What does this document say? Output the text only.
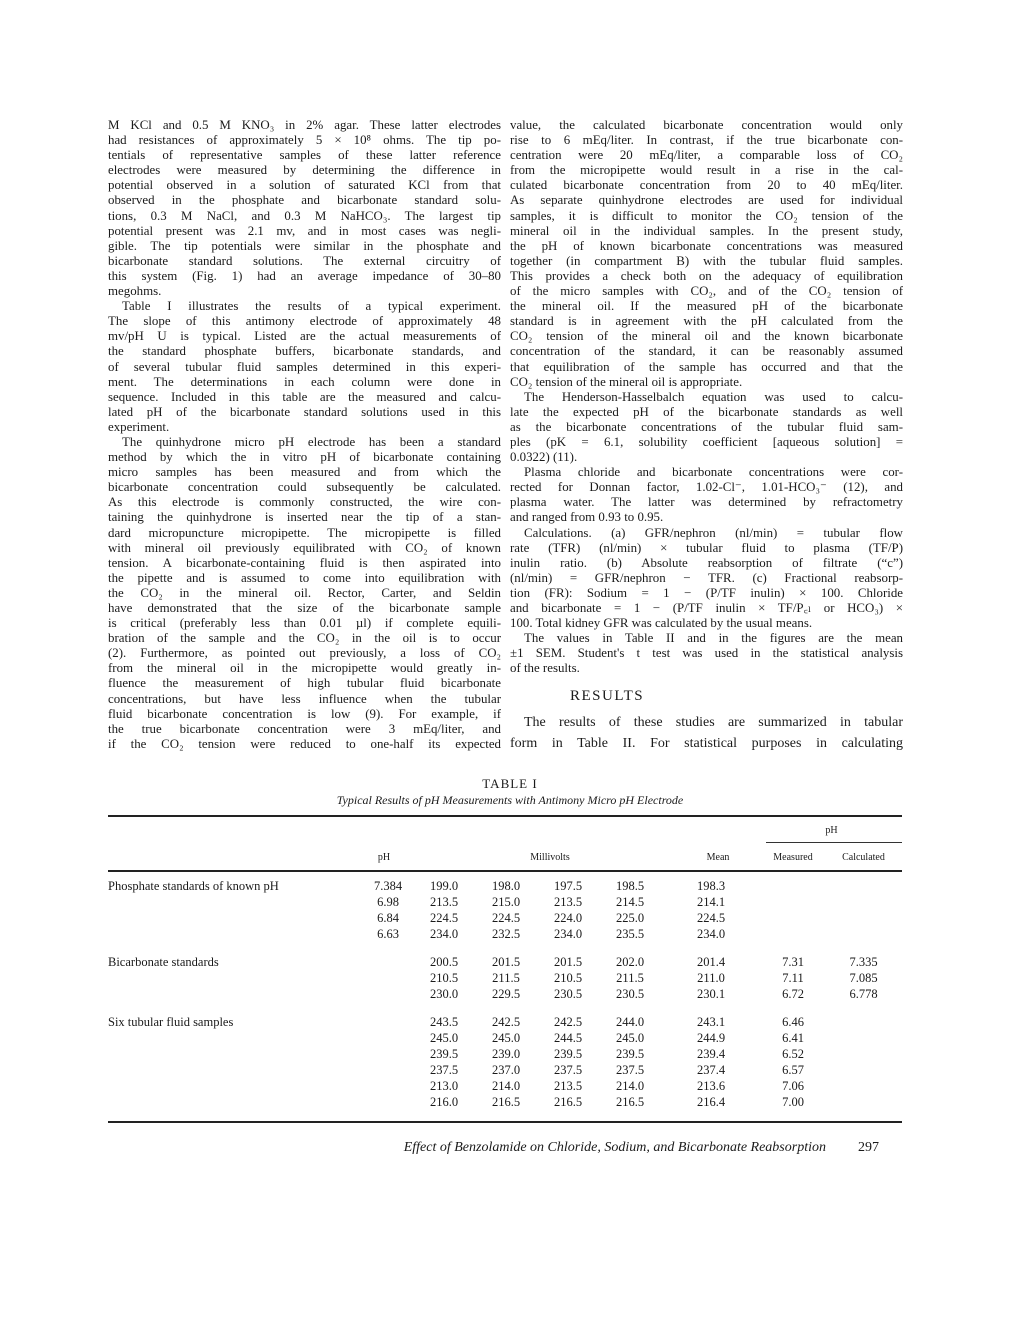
M KCl and 0.5 M KNO₃ in 2% agar. These latter electrodes
had resistances of approximately 5 × 10⁸ ohms. The tip po-
tentials of representative samples of these latter reference
electrodes were measured by determining the difference in
potential observed in a solution of saturated KCl from that
observed in the phosphate and bicarbonate standard solu-
tions, 0.3 M NaCl, and 0.3 M NaHCO₃. The largest tip
potential present was 2.1 mv, and in most cases was negli-
gible. The tip potentials were similar in the phosphate and
bicarbonate standard solutions. The external circuitry of
this system (Fig. 1) had an average impedance of 30–80
megohms.
Table I illustrates the results of a typical experiment.
The slope of this antimony electrode of approximately 48
mv/pH U is typical. Listed are the actual measurements of
the standard phosphate buffers, bicarbonate standards, and
of several tubular fluid samples determined in this experi-
ment. The determinations in each column were done in
sequence. Included in this table are the measured and calcu-
lated pH of the bicarbonate standard solutions used in this
experiment.
The quinhydrone micro pH electrode has been a standard
method by which the in vitro pH of bicarbonate containing
micro samples has been measured and from which the
bicarbonate concentration could subsequently be calculated.
As this electrode is commonly constructed, the wire con-
taining the quinhydrone is inserted near the tip of a stan-
dard micropuncture micropipette. The micropipette is filled
with mineral oil previously equilibrated with CO₂ of known
tension. A bicarbonate-containing fluid is then aspirated into
the pipette and is assumed to come into equilibration with
the CO₂ in the mineral oil. Rector, Carter, and Seldin
have demonstrated that the size of the bicarbonate sample
is critical (preferably less than 0.01 µl) if complete equili-
bration of the sample and the CO₂ in the oil is to occur
(2). Furthermore, as pointed out previously, a loss of CO₂
from the mineral oil in the micropipette would greatly in-
fluence the measurement of high tubular fluid bicarbonate
concentrations, but have less influence when the tubular
fluid bicarbonate concentration is low (9). For example, if
the true bicarbonate concentration were 3 mEq/liter, and
if the CO₂ tension were reduced to one-half its expected
value, the calculated bicarbonate concentration would only
rise to 6 mEq/liter. In contrast, if the true bicarbonate con-
centration were 20 mEq/liter, a comparable loss of CO₂
from the micropipette would result in a rise in the cal-
culated bicarbonate concentration from 20 to 40 mEq/liter.
As separate quinhydrone electrodes are used for individual
samples, it is difficult to monitor the CO₂ tension of the
mineral oil in the individual samples. In the present study,
the pH of known bicarbonate concentrations was measured
together (in compartment B) with the tubular fluid samples.
This provides a check both on the adequacy of equilibration
of the micro samples with CO₂, and of the CO₂ tension of
the mineral oil. If the measured pH of the bicarbonate
standard is in agreement with the pH calculated from the
CO₂ tension of the mineral oil and the known bicarbonate
concentration of the standard, it can be reasonably assumed
that equilibration of the sample has occurred and that the
CO₂ tension of the mineral oil is appropriate.
The Henderson-Hasselbalch equation was used to calcu-
late the expected pH of the bicarbonate standards as well
as the bicarbonate concentrations of the tubular fluid sam-
ples (pK = 6.1, solubility coefficient [aqueous solution] =
0.0322) (11).
Plasma chloride and bicarbonate concentrations were cor-
rected for Donnan factor, 1.02-Cl⁻, 1.01-HCO₃⁻ (12), and
plasma water. The latter was determined by refractometry
and ranged from 0.93 to 0.95.
Calculations. (a) GFR/nephron (nl/min) = tubular flow
rate (TFR) (nl/min) × tubular fluid to plasma (TF/P)
inulin ratio. (b) Absolute reabsorption of filtrate (“c”)
(nl/min) = GFR/nephron − TFR. (c) Fractional reabsorp-
tion (FR): Sodium = 1 − (P/TF inulin) × 100. Chloride
and bicarbonate = 1 − (P/TF inulin × TF/P꜀ₗ or HCO₃) ×
100. Total kidney GFR was calculated by the usual means.
The values in Table II and in the figures are the mean
±1 SEM. Student's t test was used in the statistical analysis
of the results.
RESULTS
The results of these studies are summarized in tabular
form in Table II. For statistical purposes in calculating
TABLE I
Typical Results of pH Measurements with Antimony Micro pH Electrode
pH
pH	Millivolts	Mean	Measured	Calculated
Phosphate standards of known pH	7.384	199.0	198.0	197.5	198.5	198.3		
	6.98	213.5	215.0	213.5	214.5	214.1		
	6.84	224.5	224.5	224.0	225.0	224.5		
	6.63	234.0	232.5	234.0	235.5	234.0		

Bicarbonate standards		200.5	201.5	201.5	202.0	201.4	7.31	7.335
		210.5	211.5	210.5	211.5	211.0	7.11	7.085
		230.0	229.5	230.5	230.5	230.1	6.72	6.778

Six tubular fluid samples		243.5	242.5	242.5	244.0	243.1	6.46	
		245.0	245.0	244.5	245.0	244.9	6.41	
		239.5	239.0	239.5	239.5	239.4	6.52	
		237.5	237.0	237.5	237.5	237.4	6.57	
		213.0	214.0	213.5	214.0	213.6	7.06	
		216.0	216.5	216.5	216.5	216.4	7.00	
Effect of Benzolamide on Chloride, Sodium, and Bicarbonate Reabsorption 297
